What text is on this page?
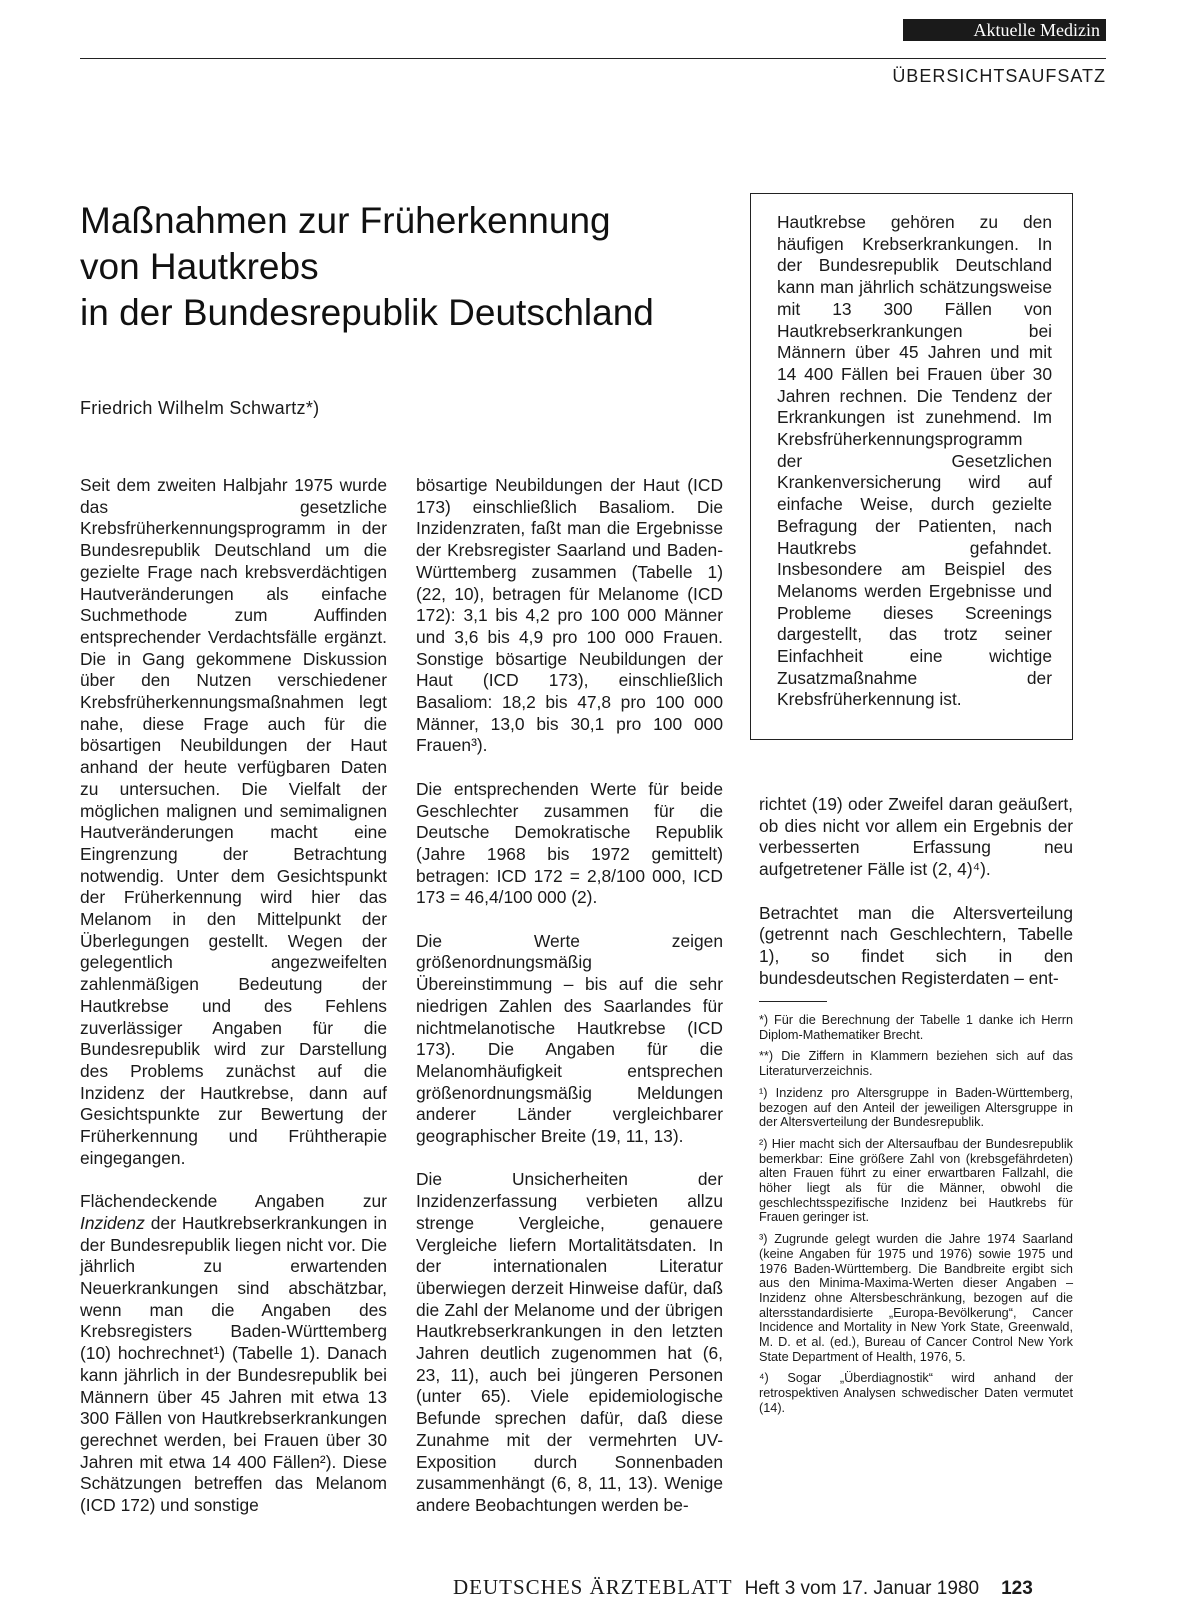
Aktuelle Medizin
ÜBERSICHTSAUFSATZ
Maßnahmen zur Früherkennung
von Hautkrebs
in der Bundesrepublik Deutschland
Friedrich Wilhelm Schwartz*)

Seit dem zweiten Halbjahr 1975 wurde das gesetzliche Krebsfrüherkennungsprogramm in der Bundesrepublik Deutschland um die gezielte Frage nach krebsverdächtigen Hautveränderungen als einfache Suchmethode zum Auffinden entsprechender Verdachtsfälle ergänzt. Die in Gang gekommene Diskussion über den Nutzen verschiedener Krebsfrüherkennungsmaßnahmen legt nahe, diese Frage auch für die bösartigen Neubildungen der Haut anhand der heute verfügbaren Daten zu untersuchen. Die Vielfalt der möglichen malignen und semimalignen Hautveränderungen macht eine Eingrenzung der Betrachtung notwendig. Unter dem Gesichtspunkt der Früherkennung wird hier das Melanom in den Mittelpunkt der Überlegungen gestellt. Wegen der gelegentlich angezweifelten zahlenmäßigen Bedeutung der Hautkrebse und des Fehlens zuverlässiger Angaben für die Bundesrepublik wird zur Darstellung des Problems zunächst auf die Inzidenz der Hautkrebse, dann auf Gesichtspunkte zur Bewertung der Früherkennung und Frühtherapie eingegangen.

Flächendeckende Angaben zur Inzidenz der Hautkrebserkrankungen in der Bundesrepublik liegen nicht vor. Die jährlich zu erwartenden Neuerkrankungen sind abschätzbar, wenn man die Angaben des Krebsregisters Baden-Württemberg (10) hochrechnet¹) (Tabelle 1). Danach kann jährlich in der Bundesrepublik bei Männern über 45 Jahren mit etwa 13 300 Fällen von Hautkrebserkrankungen gerechnet werden, bei Frauen über 30 Jahren mit etwa 14 400 Fällen²). Diese Schätzungen betreffen das Melanom (ICD 172) und sonstige

bösartige Neubildungen der Haut (ICD 173) einschließlich Basaliom. Die Inzidenzraten, faßt man die Ergebnisse der Krebsregister Saarland und Baden-Württemberg zusammen (Tabelle 1) (22, 10), betragen für Melanome (ICD 172): 3,1 bis 4,2 pro 100 000 Männer und 3,6 bis 4,9 pro 100 000 Frauen. Sonstige bösartige Neubildungen der Haut (ICD 173), einschließlich Basaliom: 18,2 bis 47,8 pro 100 000 Männer, 13,0 bis 30,1 pro 100 000 Frauen³).

Die entsprechenden Werte für beide Geschlechter zusammen für die Deutsche Demokratische Republik (Jahre 1968 bis 1972 gemittelt) betragen: ICD 172 = 2,8/100 000, ICD 173 = 46,4/100 000 (2).

Die Werte zeigen größenordnungsmäßig Übereinstimmung – bis auf die sehr niedrigen Zahlen des Saarlandes für nichtmelanotische Hautkrebse (ICD 173). Die Angaben für die Melanomhäufigkeit entsprechen größenordnungsmäßig Meldungen anderer Länder vergleichbarer geographischer Breite (19, 11, 13).

Die Unsicherheiten der Inzidenzerfassung verbieten allzu strenge Vergleiche, genauere Vergleiche liefern Mortalitätsdaten. In der internationalen Literatur überwiegen derzeit Hinweise dafür, daß die Zahl der Melanome und der übrigen Hautkrebserkrankungen in den letzten Jahren deutlich zugenommen hat (6, 23, 11), auch bei jüngeren Personen (unter 65). Viele epidemiologische Befunde sprechen dafür, daß diese Zunahme mit der vermehrten UV-Exposition durch Sonnenbaden zusammenhängt (6, 8, 11, 13). Wenige andere Beobachtungen werden be-

Hautkrebse gehören zu den häufigen Krebserkrankungen. In der Bundesrepublik Deutschland kann man jährlich schätzungsweise mit 13 300 Fällen von Hautkrebserkrankungen bei Männern über 45 Jahren und mit 14 400 Fällen bei Frauen über 30 Jahren rechnen. Die Tendenz der Erkrankungen ist zunehmend. Im Krebsfrüherkennungsprogramm der Gesetzlichen Krankenversicherung wird auf einfache Weise, durch gezielte Befragung der Patienten, nach Hautkrebs gefahndet. Insbesondere am Beispiel des Melanoms werden Ergebnisse und Probleme dieses Screenings dargestellt, das trotz seiner Einfachheit eine wichtige Zusatzmaßnahme der Krebsfrüherkennung ist.

richtet (19) oder Zweifel daran geäußert, ob dies nicht vor allem ein Ergebnis der verbesserten Erfassung neu aufgetretener Fälle ist (2, 4)⁴).

Betrachtet man die Altersverteilung (getrennt nach Geschlechtern, Tabelle 1), so findet sich in den bundesdeutschen Registerdaten – ent-

*) Für die Berechnung der Tabelle 1 danke ich Herrn Diplom-Mathematiker Brecht.

**) Die Ziffern in Klammern beziehen sich auf das Literaturverzeichnis.

¹) Inzidenz pro Altersgruppe in Baden-Württemberg, bezogen auf den Anteil der jeweiligen Altersgruppe in der Altersverteilung der Bundesrepublik.

²) Hier macht sich der Altersaufbau der Bundesrepublik bemerkbar: Eine größere Zahl von (krebsgefährdeten) alten Frauen führt zu einer erwartbaren Fallzahl, die höher liegt als für die Männer, obwohl die geschlechtsspezifische Inzidenz bei Hautkrebs für Frauen geringer ist.

³) Zugrunde gelegt wurden die Jahre 1974 Saarland (keine Angaben für 1975 und 1976) sowie 1975 und 1976 Baden-Württemberg. Die Bandbreite ergibt sich aus den Minima-Maxima-Werten dieser Angaben – Inzidenz ohne Altersbeschränkung, bezogen auf die altersstandardisierte „Europa-Bevölkerung“, Cancer Incidence and Mortality in New York State, Greenwald, M. D. et al. (ed.), Bureau of Cancer Control New York State Department of Health, 1976, 5.

⁴) Sogar „Überdiagnostik“ wird anhand der retrospektiven Analysen schwedischer Daten vermutet (14).

DEUTSCHES ÄRZTEBLATT Heft 3 vom 17. Januar 1980 123
